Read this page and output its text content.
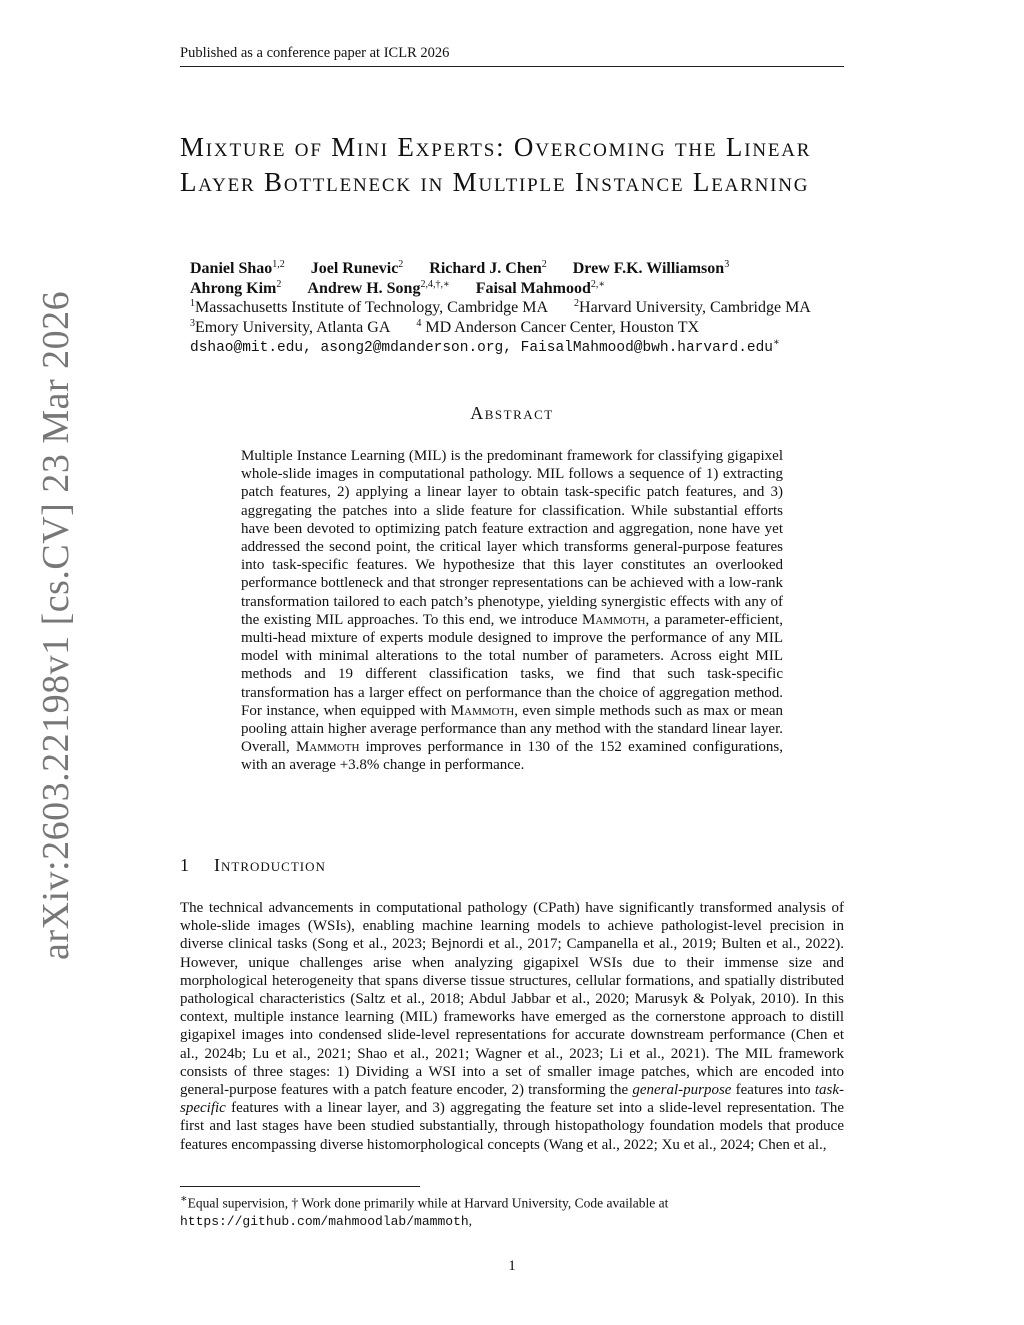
Published as a conference paper at ICLR 2026
arXiv:2603.22198v1 [cs.CV] 23 Mar 2026
Mixture of Mini Experts: Overcoming the Linear Layer Bottleneck in Multiple Instance Learning
Daniel Shao$^{1,2}$ Joel Runevic$^2$ Richard J. Chen$^2$ Drew F.K. Williamson$^3$
Ahrong Kim$^2$ Andrew H. Song$^{2,4,\dagger,∗}$ Faisal Mahmood$^{2,∗}$
$^1$Massachusetts Institute of Technology, Cambridge MA	$^2$Harvard University, Cambridge MA
$^3$Emory University, Atlanta GA	$^4$ MD Anderson Cancer Center, Houston TX
dshao@mit.edu, asong2@mdanderson.org, FaisalMahmood@bwh.harvard.edu∗
Abstract
Multiple Instance Learning (MIL) is the predominant framework for classifying gigapixel whole-slide images in computational pathology. MIL follows a sequence of 1) extracting patch features, 2) applying a linear layer to obtain task-specific patch features, and 3) aggregating the patches into a slide feature for classification. While substantial efforts have been devoted to optimizing patch feature extraction and aggregation, none have yet addressed the second point, the critical layer which transforms general-purpose features into task-specific features. We hypothesize that this layer constitutes an overlooked performance bottleneck and that stronger representations can be achieved with a low-rank transformation tailored to each patch’s phenotype, yielding synergistic effects with any of the existing MIL approaches. To this end, we introduce Mammoth, a parameter-efficient, multi-head mixture of experts module designed to improve the performance of any MIL model with minimal alterations to the total number of parameters. Across eight MIL methods and 19 different classification tasks, we find that such task-specific transformation has a larger effect on performance than the choice of aggregation method. For instance, when equipped with Mammoth, even simple methods such as max or mean pooling attain higher average performance than any method with the standard linear layer. Overall, Mammoth improves performance in 130 of the 152 examined configurations, with an average +3.8% change in performance.
1 Introduction
The technical advancements in computational pathology (CPath) have significantly transformed analysis of whole-slide images (WSIs), enabling machine learning models to achieve pathologist-level precision in diverse clinical tasks (Song et al., 2023; Bejnordi et al., 2017; Campanella et al., 2019; Bulten et al., 2022). However, unique challenges arise when analyzing gigapixel WSIs due to their immense size and morphological heterogeneity that spans diverse tissue structures, cellular formations, and spatially distributed pathological characteristics (Saltz et al., 2018; Abdul Jabbar et al., 2020; Marusyk & Polyak, 2010). In this context, multiple instance learning (MIL) frameworks have emerged as the cornerstone approach to distill gigapixel images into condensed slide-level representations for accurate downstream performance (Chen et al., 2024b; Lu et al., 2021; Shao et al., 2021; Wagner et al., 2023; Li et al., 2021). The MIL framework consists of three stages: 1) Dividing a WSI into a set of smaller image patches, which are encoded into general-purpose features with a patch feature encoder, 2) transforming the general-purpose features into task-specific features with a linear layer, and 3) aggregating the feature set into a slide-level representation. The first and last stages have been studied substantially, through histopathology foundation models that produce features encompassing diverse histomorphological concepts (Wang et al., 2022; Xu et al., 2024; Chen et al.,
∗Equal supervision, † Work done primarily while at Harvard University, Code available at https://github.com/mahmoodlab/mammoth,
1
